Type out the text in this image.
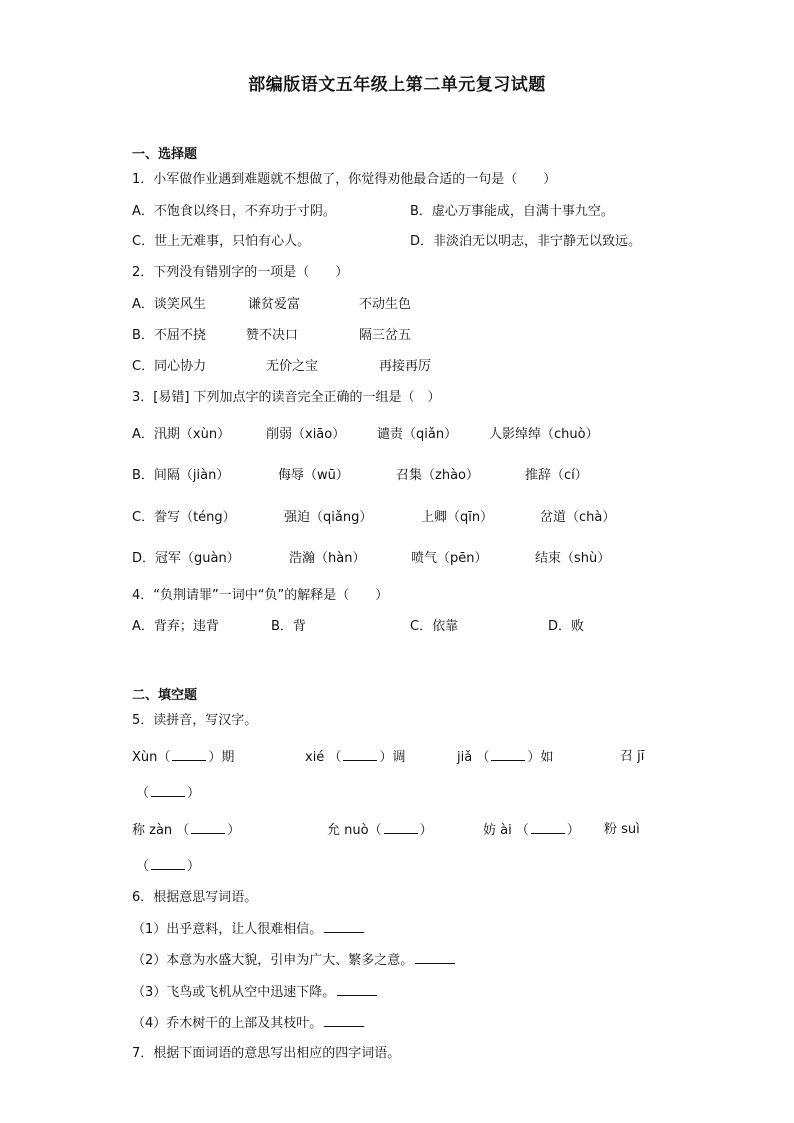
部编版语文五年级上第二单元复习试题
一、选择题
1．小军做作业遇到难题就不想做了，你觉得劝他最合适的一句是（　　）
A．不饱食以终日，不弃功于寸阴。	B．虚心万事能成，自满十事九空。
C．世上无难事，只怕有心人。	D．非淡泊无以明志，非宁静无以致远。
2．下列没有错别字的一项是（　　）
A．谈笑风生	谦贫爱富	不动生色
B．不屈不挠	赞不决口	隔三岔五
C．同心协力	无价之宝	再接再厉
3．[易错] 下列加点字的读音完全正确的一组是（　）
A．汛期（xùn）	削弱（xiāo） 谴责（qiǎn） 人影绰绰（chuò）
B．间隔（jiàn）	侮辱（wū）	召集（zhào）	推辞（cí）
C．誊写（téng）	强迫（qiǎng）	上卿（qīn）	岔道（chà）
D．冠军（guàn）	浩瀚（hàn）	喷气（pēn）	结束（shù）
4．“负荆请罪”一词中“负”的解释是（　　）
A．背弃；违背	B．背	C．依靠	D．败
二、填空题
5．读拼音，写汉字。
Xùn（	）期	xié （	）调	jiǎ （	）如	召 jī
（	）
称 zàn （	）	允 nuò（	）	妨 ài （	） 粉 suì
（	）
6．根据意思写词语。
（1）出乎意料，让人很难相信。
（2）本意为水盛大貌，引申为广大、繁多之意。
（3）飞鸟或飞机从空中迅速下降。
（4）乔木树干的上部及其枝叶。
7．根据下面词语的意思写出相应的四字词语。
